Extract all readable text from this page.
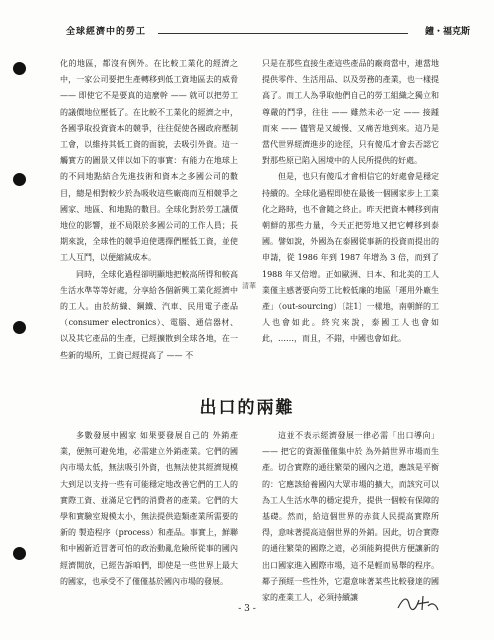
全球經濟中的勞工	鐘・福克斯

化的地區，都沒有例外。在比較工業化的經濟之中，一家公司要把生產轉移到低工資地區去的威脅 —— 即使它不是要真的這麼幹 —— 就可以把勞工的議價地位壓低了。在比較不工業化的經濟之中，各國爭取投資資本的競爭，往往促使各國政府壓制工會，以維持其低工資的面貌，去吸引外資。這一觸實方的圖景又伴以如下的事實：有能力在地球上的不同地點結合先進技術和資本之多國公司的數目，總是相對較少於為吸收這些廠商而互相競爭之國家、地區、和地點的數目。全球化對於勞工議價地位的影響，並不局限於多國公司的工作人員；長期來說，全球性的競爭迫使選擇們壓低工資，並使工人互鬥，以便縮減成本。

同時，全球化過程卻明顯地把較高所得和較高生活水準等等好處，分享給各個新興工業化經濟中的工人。由於紡織、鋼鐵、汽車、民用電子產品（consumer electronics）、電腦、通信器材、以及其它產品的生產，已經擴散到全球各地，在一些新的場所，工資已經提高了 —— 不

清華

只是在那些直接生產這些產品的廠商當中，連當地提供零件、生活用品、以及勞務的產業，也一樣提高了。而工人為爭取他們自己的勞工組織之獨立和尊嚴的鬥爭，往往 —— 雖然未必一定 —— 接踵而來 —— 儘管是又緩慢、又痛苦地到來。這乃是當代世界經濟進步的途徑，只有傻瓜才會去否認它對那些原已陷入困境中的人民所提供的好處。

但是，也只有傻瓜才會相信它的好處會是穩定持續的。全球化過程即使在最後一個國家步上工業化之路時，也不會隨之終止。昨天把資本轉移到南朝鮮的那些力量，今天正把勞地又把它轉移到泰國。譬如說，外國為在泰國從事新的投資而提出的申請，從 1986 年到 1987 年增為 3 倍，而到了 1988 年又倍增。正如歐洲、日本、和北美的工人業僅主感著要向勞工比較低廉的地區「運用外廠生產」（out-sourcing）〔註1〕一樣地，南朝鮮的工人也會如此。終究來說，泰國工人也會如此，……，而且，不錯，中國也會如此。

出口的兩難

多數發展中國家 如果要發展自己的 外銷產業，便無可避免地，必需建立外銷產業。它們的國內市場太低，無法吸引外資，也無法使其經濟規模大到足以支持一些有可能穩定地改善它們的工人的實際工資、並滿足它們的消費者的產業。它們的大學和實驗室規模太小，無法提供造類產業所需要的新的 製造程序（process）和產品。事實上，鮮聯和中國新近冒著可怕的政治動亂危險所從事的國內經濟開放，已經告訴咱們，即使是一些世界上最大的國家，也承受不了僅僅基於國內市場的發展。

這並不表示經濟發展一律必需「出口導向」 —— 把它的資源僅僅集中於 為外銷世界市場而生產。切合實際的通往繁榮的國內之道，應該是平衡的：它應該給養國內大眾市場的擴大，而該究可以為工人生活水準的穩定提升，提供一個較有保障的基礎。然而，給這個世界的赤貧人民提高實際所得，意味著提高這個世界的外銷。因此，切合實際的通往繁榮的國際之道，必須能夠提供方便讓新的出口國家進入國際市場，這不是輕而易舉的程序。鄰子預經一些性外，它還意味著某些比較發達的國家的產業工人，必須持續讓

- 3 -
